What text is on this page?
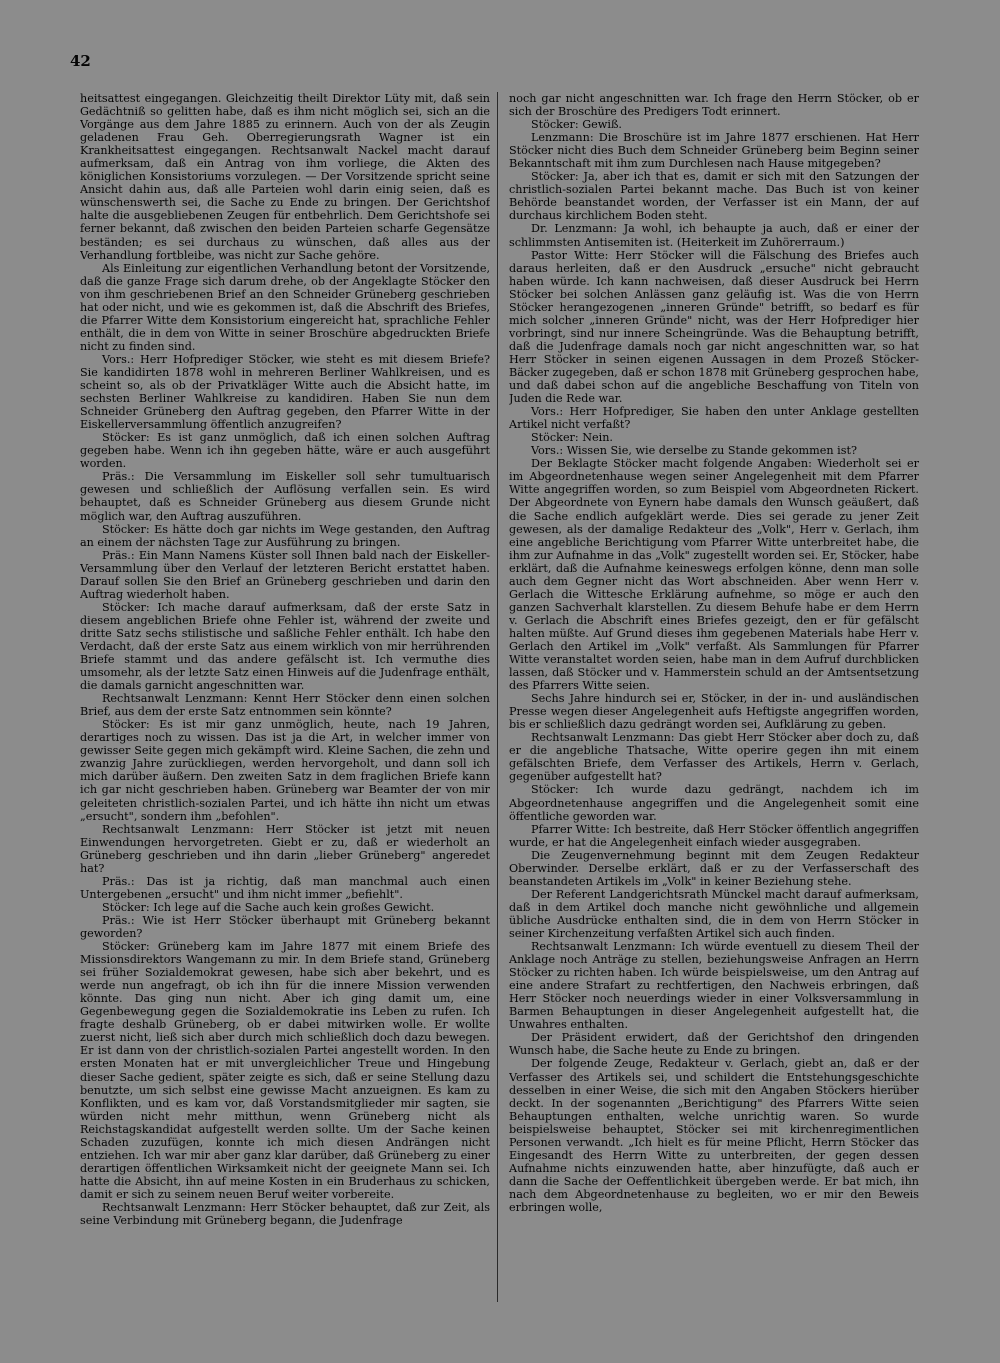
42

heitsattest eingegangen. Gleichzeitig theilt Direktor Lüty mit, daß sein Gedächtniß so gelitten habe, daß es ihm nicht möglich sei, sich an die Vorgänge aus dem Jahre 1885 zu erinnern. Auch von der als Zeugin geladenen Frau Geh. Oberregierungsrath Wagner ist ein Krankheitsattest eingegangen. Rechtsanwalt Nackel macht darauf aufmerksam, daß ein Antrag von ihm vorliege, die Akten des königlichen Konsistoriums vorzulegen. — Der Vorsitzende spricht seine Ansicht dahin aus, daß alle Parteien wohl darin einig seien, daß es wünschenswerth sei, die Sache zu Ende zu bringen. Der Gerichtshof halte die ausgebliebenen Zeugen für entbehrlich. Dem Gerichtshofe sei ferner bekannt, daß zwischen den beiden Parteien scharfe Gegensätze beständen; es sei durchaus zu wünschen, daß alles aus der Verhandlung fortbleibe, was nicht zur Sache gehöre.

Als Einleitung zur eigentlichen Verhandlung betont der Vorsitzende, daß die ganze Frage sich darum drehe, ob der Angeklagte Stöcker den von ihm geschriebenen Brief an den Schneider Grüneberg geschrieben hat oder nicht, und wie es gekommen ist, daß die Abschrift des Briefes, die Pfarrer Witte dem Konsistorium eingereicht hat, sprachliche Fehler enthält, die in dem von Witte in seiner Broschüre abgedruckten Briefe nicht zu finden sind.

Vors.: Herr Hofprediger Stöcker, wie steht es mit diesem Briefe? Sie kandidirten 1878 wohl in mehreren Berliner Wahlkreisen, und es scheint so, als ob der Privatkläger Witte auch die Absicht hatte, im sechsten Berliner Wahlkreise zu kandidiren. Haben Sie nun dem Schneider Grüneberg den Auftrag gegeben, den Pfarrer Witte in der Eiskellerversammlung öffentlich anzugreifen?

Stöcker: Es ist ganz unmöglich, daß ich einen solchen Auftrag gegeben habe. Wenn ich ihn gegeben hätte, wäre er auch ausgeführt worden.

Präs.: Die Versammlung im Eiskeller soll sehr tumultuarisch gewesen und schließlich der Auflösung verfallen sein. Es wird behauptet, daß es Schneider Grüneberg aus diesem Grunde nicht möglich war, den Auftrag auszuführen.

Stöcker: Es hätte doch gar nichts im Wege gestanden, den Auftrag an einem der nächsten Tage zur Ausführung zu bringen.

Präs.: Ein Mann Namens Küster soll Ihnen bald nach der Eiskeller-Versammlung über den Verlauf der letzteren Bericht erstattet haben. Darauf sollen Sie den Brief an Grüneberg geschrieben und darin den Auftrag wiederholt haben.

Stöcker: Ich mache darauf aufmerksam, daß der erste Satz in diesem angeblichen Briefe ohne Fehler ist, während der zweite und dritte Satz sechs stilistische und saßliche Fehler enthält. Ich habe den Verdacht, daß der erste Satz aus einem wirklich von mir herrührenden Briefe stammt und das andere gefälscht ist. Ich vermuthe dies umsomehr, als der letzte Satz einen Hinweis auf die Judenfrage enthält, die damals garnicht angeschnitten war.

Rechtsanwalt Lenzmann: Kennt Herr Stöcker denn einen solchen Brief, aus dem der erste Satz entnommen sein könnte?

Stöcker: Es ist mir ganz unmöglich, heute, nach 19 Jahren, derartiges noch zu wissen. Das ist ja die Art, in welcher immer von gewisser Seite gegen mich gekämpft wird. Kleine Sachen, die zehn und zwanzig Jahre zurückliegen, werden hervorgeholt, und dann soll ich mich darüber äußern. Den zweiten Satz in dem fraglichen Briefe kann ich gar nicht geschrieben haben. Grüneberg war Beamter der von mir geleiteten christlich-sozialen Partei, und ich hätte ihn nicht um etwas „ersucht", sondern ihm „befohlen".

Rechtsanwalt Lenzmann: Herr Stöcker ist jetzt mit neuen Einwendungen hervorgetreten. Giebt er zu, daß er wiederholt an Grüneberg geschrieben und ihn darin „lieber Grüneberg" angeredet hat?

Präs.: Das ist ja richtig, daß man manchmal auch einen Untergebenen „ersucht" und ihm nicht immer „befiehlt".

Stöcker: Ich lege auf die Sache auch kein großes Gewicht.

Präs.: Wie ist Herr Stöcker überhaupt mit Grüneberg bekannt geworden?

Stöcker: Grüneberg kam im Jahre 1877 mit einem Briefe des Missionsdirektors Wangemann zu mir. In dem Briefe stand, Grüneberg sei früher Sozialdemokrat gewesen, habe sich aber bekehrt, und es werde nun angefragt, ob ich ihn für die innere Mission verwenden könnte. Das ging nun nicht. Aber ich ging damit um, eine Gegenbewegung gegen die Sozialdemokratie ins Leben zu rufen. Ich fragte deshalb Grüneberg, ob er dabei mitwirken wolle. Er wollte zuerst nicht, ließ sich aber durch mich schließlich doch dazu bewegen. Er ist dann von der christlich-sozialen Partei angestellt worden. In den ersten Monaten hat er mit unvergleichlicher Treue und Hingebung dieser Sache gedient, später zeigte es sich, daß er seine Stellung dazu benutzte, um sich selbst eine gewisse Macht anzueignen. Es kam zu Konflikten, und es kam vor, daß Vorstandsmitglieder mir sagten, sie würden nicht mehr mitthun, wenn Grüneberg nicht als Reichstagskandidat aufgestellt werden sollte. Um der Sache keinen Schaden zuzufügen, konnte ich mich diesen Andrängen nicht entziehen. Ich war mir aber ganz klar darüber, daß Grüneberg zu einer derartigen öffentlichen Wirksamkeit nicht der geeignete Mann sei. Ich hatte die Absicht, ihn auf meine Kosten in ein Bruderhaus zu schicken, damit er sich zu seinem neuen Beruf weiter vorbereite.

Rechtsanwalt Lenzmann: Herr Stöcker behauptet, daß zur Zeit, als seine Verbindung mit Grüneberg begann, die Judenfrage

noch gar nicht angeschnitten war. Ich frage den Herrn Stöcker, ob er sich der Broschüre des Predigers Todt erinnert.

Stöcker: Gewiß.

Lenzmann: Die Broschüre ist im Jahre 1877 erschienen. Hat Herr Stöcker nicht dies Buch dem Schneider Grüneberg beim Beginn seiner Bekanntschaft mit ihm zum Durchlesen nach Hause mitgegeben?

Stöcker: Ja, aber ich that es, damit er sich mit den Satzungen der christlich-sozialen Partei bekannt mache. Das Buch ist von keiner Behörde beanstandet worden, der Verfasser ist ein Mann, der auf durchaus kirchlichem Boden steht.

Dr. Lenzmann: Ja wohl, ich behaupte ja auch, daß er einer der schlimmsten Antisemiten ist. (Heiterkeit im Zuhörerraum.)

Pastor Witte: Herr Stöcker will die Fälschung des Briefes auch daraus herleiten, daß er den Ausdruck „ersuche" nicht gebraucht haben würde. Ich kann nachweisen, daß dieser Ausdruck bei Herrn Stöcker bei solchen Anlässen ganz geläufig ist. Was die von Herrn Stöcker herangezogenen „inneren Gründe" betrifft, so bedarf es für mich solcher „inneren Gründe" nicht, was der Herr Hofprediger hier vorbringt, sind nur innere Scheingründe. Was die Behauptung betrifft, daß die Judenfrage damals noch gar nicht angeschnitten war, so hat Herr Stöcker in seinen eigenen Aussagen in dem Prozeß Stöcker-Bäcker zugegeben, daß er schon 1878 mit Grüneberg gesprochen habe, und daß dabei schon auf die angebliche Beschaffung von Titeln von Juden die Rede war.

Vors.: Herr Hofprediger, Sie haben den unter Anklage gestellten Artikel nicht verfaßt?

Stöcker: Nein.

Vors.: Wissen Sie, wie derselbe zu Stande gekommen ist?

Der Beklagte Stöcker macht folgende Angaben: Wiederholt sei er im Abgeordnetenhause wegen seiner Angelegenheit mit dem Pfarrer Witte angegriffen worden, so zum Beispiel vom Abgeordneten Rickert. Der Abgeordnete von Eynern habe damals den Wunsch geäußert, daß die Sache endlich aufgeklärt werde. Dies sei gerade zu jener Zeit gewesen, als der damalige Redakteur des „Volk", Herr v. Gerlach, ihm eine angebliche Berichtigung vom Pfarrer Witte unterbreitet habe, die ihm zur Aufnahme in das „Volk" zugestellt worden sei. Er, Stöcker, habe erklärt, daß die Aufnahme keineswegs erfolgen könne, denn man solle auch dem Gegner nicht das Wort abschneiden. Aber wenn Herr v. Gerlach die Wittesche Erklärung aufnehme, so möge er auch den ganzen Sachverhalt klarstellen. Zu diesem Behufe habe er dem Herrn v. Gerlach die Abschrift eines Briefes gezeigt, den er für gefälscht halten müßte. Auf Grund dieses ihm gegebenen Materials habe Herr v. Gerlach den Artikel im „Volk" verfaßt. Als Sammlungen für Pfarrer Witte veranstaltet worden seien, habe man in dem Aufruf durchblicken lassen, daß Stöcker und v. Hammerstein schuld an der Amtsentsetzung des Pfarrers Witte seien.

Sechs Jahre hindurch sei er, Stöcker, in der in- und ausländischen Presse wegen dieser Angelegenheit aufs Heftigste angegriffen worden, bis er schließlich dazu gedrängt worden sei, Aufklärung zu geben.

Rechtsanwalt Lenzmann: Das giebt Herr Stöcker aber doch zu, daß er die angebliche Thatsache, Witte operire gegen ihn mit einem gefälschten Briefe, dem Verfasser des Artikels, Herrn v. Gerlach, gegenüber aufgestellt hat?

Stöcker: Ich wurde dazu gedrängt, nachdem ich im Abgeordnetenhause angegriffen und die Angelegenheit somit eine öffentliche geworden war.

Pfarrer Witte: Ich bestreite, daß Herr Stöcker öffentlich angegriffen wurde, er hat die Angelegenheit einfach wieder ausgegraben.

Die Zeugenvernehmung beginnt mit dem Zeugen Redakteur Oberwinder. Derselbe erklärt, daß er zu der Verfasserschaft des beanstandeten Artikels im „Volk" in keiner Beziehung stehe.

Der Referent Landgerichtsrath Münckel macht darauf aufmerksam, daß in dem Artikel doch manche nicht gewöhnliche und allgemein übliche Ausdrücke enthalten sind, die in dem von Herrn Stöcker in seiner Kirchenzeitung verfaßten Artikel sich auch finden.

Rechtsanwalt Lenzmann: Ich würde eventuell zu diesem Theil der Anklage noch Anträge zu stellen, beziehungsweise Anfragen an Herrn Stöcker zu richten haben. Ich würde beispielsweise, um den Antrag auf eine andere Strafart zu rechtfertigen, den Nachweis erbringen, daß Herr Stöcker noch neuerdings wieder in einer Volksversammlung in Barmen Behauptungen in dieser Angelegenheit aufgestellt hat, die Unwahres enthalten.

Der Präsident erwidert, daß der Gerichtshof den dringenden Wunsch habe, die Sache heute zu Ende zu bringen.

Der folgende Zeuge, Redakteur v. Gerlach, giebt an, daß er der Verfasser des Artikels sei, und schildert die Entstehungsgeschichte desselben in einer Weise, die sich mit den Angaben Stöckers hierüber deckt. In der sogenannten „Berichtigung" des Pfarrers Witte seien Behauptungen enthalten, welche unrichtig waren. So wurde beispielsweise behauptet, Stöcker sei mit kirchenregimentlichen Personen verwandt. „Ich hielt es für meine Pflicht, Herrn Stöcker das Eingesandt des Herrn Witte zu unterbreiten, der gegen dessen Aufnahme nichts einzuwenden hatte, aber hinzufügte, daß auch er dann die Sache der Oeffentlichkeit übergeben werde. Er bat mich, ihn nach dem Abgeordnetenhause zu begleiten, wo er mir den Beweis erbringen wolle,
